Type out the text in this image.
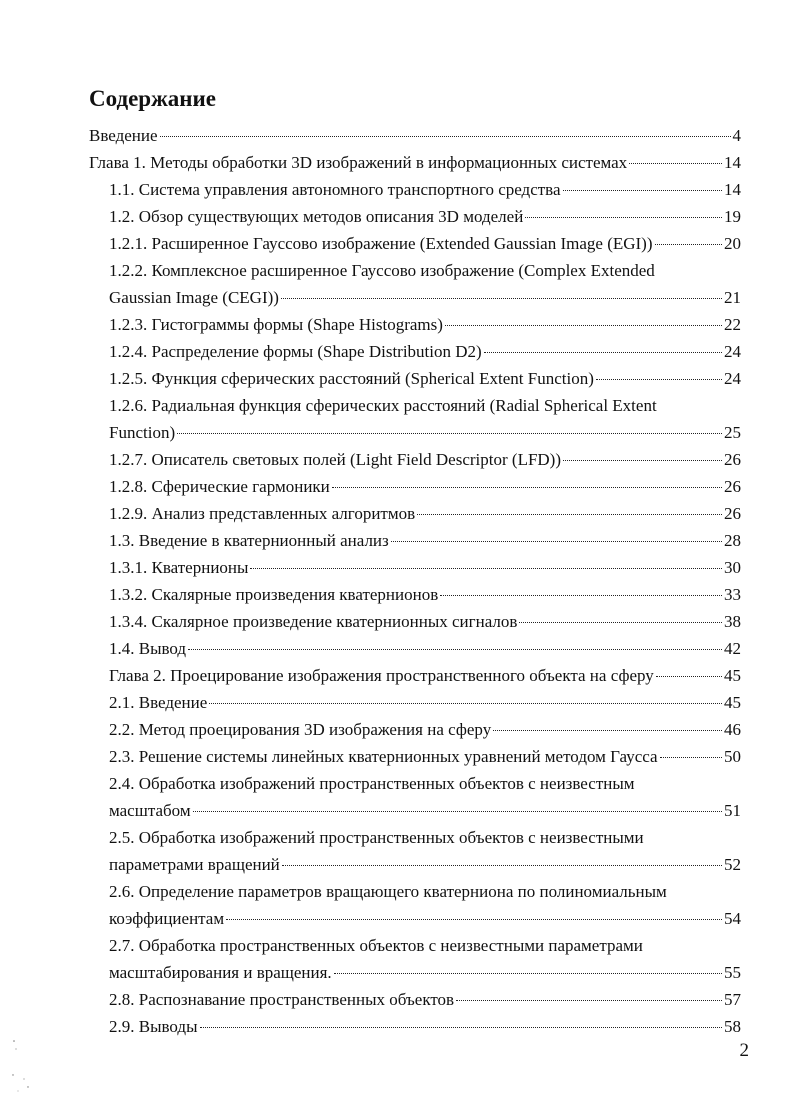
Содержание
Введение	4
Глава 1. Методы обработки 3D изображений в информационных системах	14
1.1. Система управления автономного транспортного средства	14
1.2. Обзор существующих методов описания 3D моделей	19
1.2.1. Расширенное Гауссово изображение (Extended Gaussian Image (EGI))	20
1.2.2. Комплексное расширенное Гауссово изображение (Complex Extended
Gaussian Image (CEGI))	21
1.2.3. Гистограммы формы (Shape Histograms)	22
1.2.4. Распределение формы (Shape Distribution D2)	24
1.2.5. Функция сферических расстояний (Spherical Extent Function)	24
1.2.6. Радиальная функция сферических расстояний (Radial Spherical Extent
Function)	25
1.2.7. Описатель световых полей (Light Field Descriptor (LFD))	26
1.2.8. Сферические гармоники	26
1.2.9. Анализ представленных алгоритмов	26
1.3. Введение в кватернионный анализ	28
1.3.1. Кватернионы	30
1.3.2. Скалярные произведения кватернионов	33
1.3.4. Скалярное произведение кватернионных сигналов	38
1.4. Вывод	42
Глава 2. Проецирование изображения пространственного объекта на сферу	45
2.1. Введение	45
2.2. Метод проецирования 3D изображения на сферу	46
2.3. Решение системы линейных кватернионных уравнений методом Гаусса	50
2.4. Обработка изображений пространственных объектов с неизвестным
масштабом	51
2.5. Обработка изображений пространственных объектов с неизвестными
параметрами вращений	52
2.6. Определение параметров вращающего кватерниона по полиномиальным
коэффициентам	54
2.7. Обработка пространственных объектов с неизвестными параметрами
масштабирования и вращения.	55
2.8. Распознавание пространственных объектов	57
2.9. Выводы	58

2
